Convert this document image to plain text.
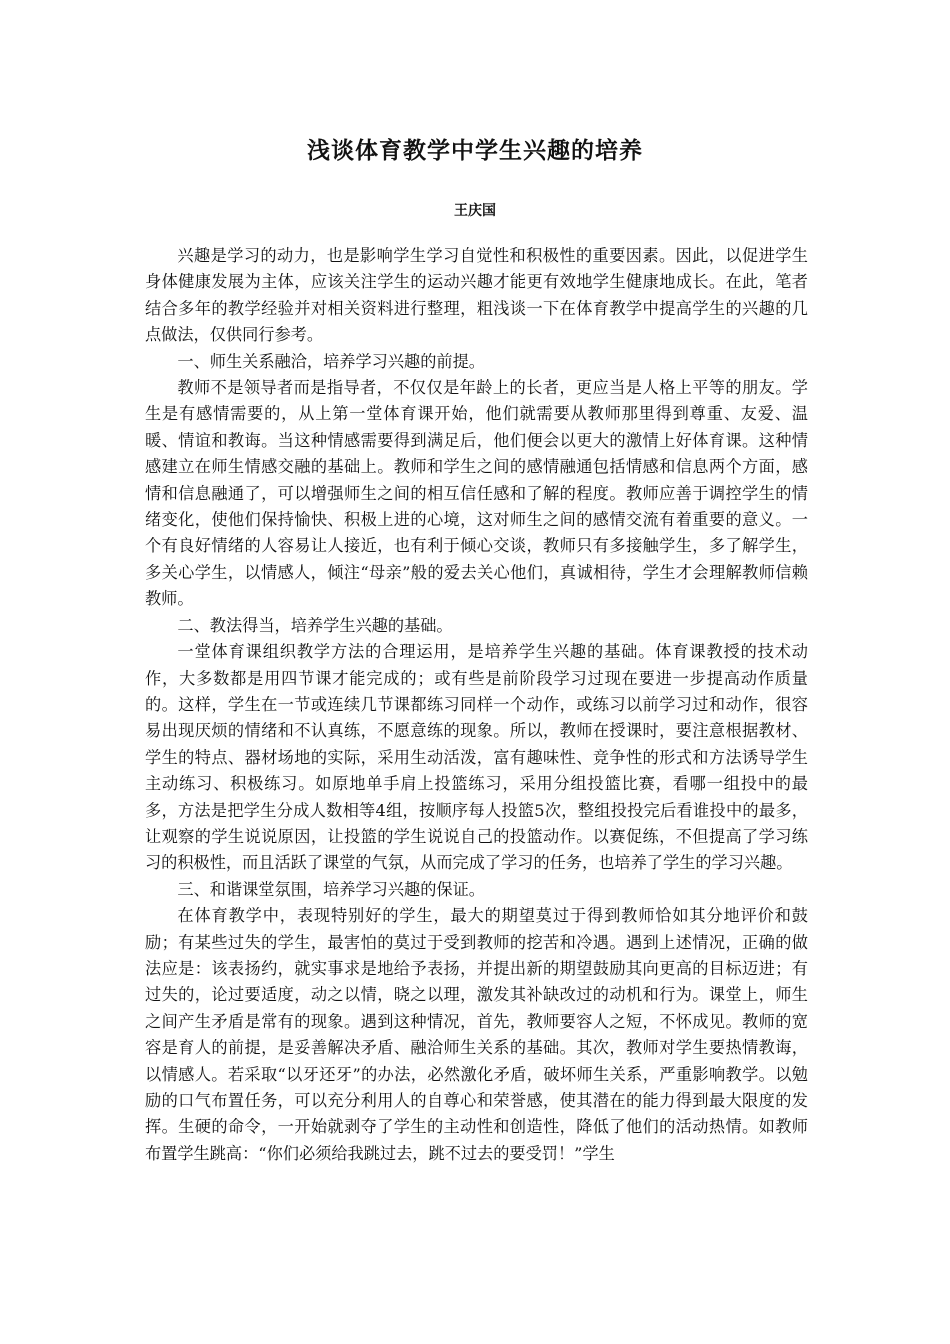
浅谈体育教学中学生兴趣的培养
王庆国

兴趣是学习的动力，也是影响学生学习自觉性和积极性的重要因素。因此，以促进学生身体健康发展为主体，应该关注学生的运动兴趣才能更有效地学生健康地成长。在此，笔者结合多年的教学经验并对相关资料进行整理，粗浅谈一下在体育教学中提高学生的兴趣的几点做法，仅供同行参考。

一、师生关系融洽，培养学习兴趣的前提。

教师不是领导者而是指导者，不仅仅是年龄上的长者，更应当是人格上平等的朋友。学生是有感情需要的，从上第一堂体育课开始，他们就需要从教师那里得到尊重、友爱、温暖、情谊和教诲。当这种情感需要得到满足后，他们便会以更大的激情上好体育课。这种情感建立在师生情感交融的基础上。教师和学生之间的感情融通包括情感和信息两个方面，感情和信息融通了，可以增强师生之间的相互信任感和了解的程度。教师应善于调控学生的情绪变化，使他们保持愉快、积极上进的心境，这对师生之间的感情交流有着重要的意义。一个有良好情绪的人容易让人接近，也有利于倾心交谈，教师只有多接触学生，多了解学生，多关心学生，以情感人，倾注“母亲”般的爱去关心他们，真诚相待，学生才会理解教师信赖教师。

二、教法得当，培养学生兴趣的基础。

一堂体育课组织教学方法的合理运用，是培养学生兴趣的基础。体育课教授的技术动作，大多数都是用四节课才能完成的；或有些是前阶段学习过现在要进一步提高动作质量的。这样，学生在一节或连续几节课都练习同样一个动作，或练习以前学习过和动作，很容易出现厌烦的情绪和不认真练，不愿意练的现象。所以，教师在授课时，要注意根据教材、学生的特点、器材场地的实际，采用生动活泼，富有趣味性、竞争性的形式和方法诱导学生主动练习、积极练习。如原地单手肩上投篮练习，采用分组投篮比赛，看哪一组投中的最多，方法是把学生分成人数相等4组，按顺序每人投篮5次，整组投投完后看谁投中的最多，让观察的学生说说原因，让投篮的学生说说自己的投篮动作。以赛促练，不但提高了学习练习的积极性，而且活跃了课堂的气氛，从而完成了学习的任务，也培养了学生的学习兴趣。

三、和谐课堂氛围，培养学习兴趣的保证。

在体育教学中，表现特别好的学生，最大的期望莫过于得到教师恰如其分地评价和鼓励；有某些过失的学生，最害怕的莫过于受到教师的挖苦和冷遇。遇到上述情况，正确的做法应是：该表扬约，就实事求是地给予表扬，并提出新的期望鼓励其向更高的目标迈进；有过失的，论过要适度，动之以情，晓之以理，激发其补缺改过的动机和行为。课堂上，师生之间产生矛盾是常有的现象。遇到这种情况，首先，教师要容人之短，不怀成见。教师的宽容是育人的前提，是妥善解决矛盾、融洽师生关系的基础。其次，教师对学生要热情教诲，以情感人。若采取“以牙还牙”的办法，必然激化矛盾，破坏师生关系，严重影响教学。以勉励的口气布置任务，可以充分利用人的自尊心和荣誉感，使其潜在的能力得到最大限度的发挥。生硬的命令，一开始就剥夺了学生的主动性和创造性，降低了他们的活动热情。如教师布置学生跳高：“你们必须给我跳过去，跳不过去的要受罚！”学生
